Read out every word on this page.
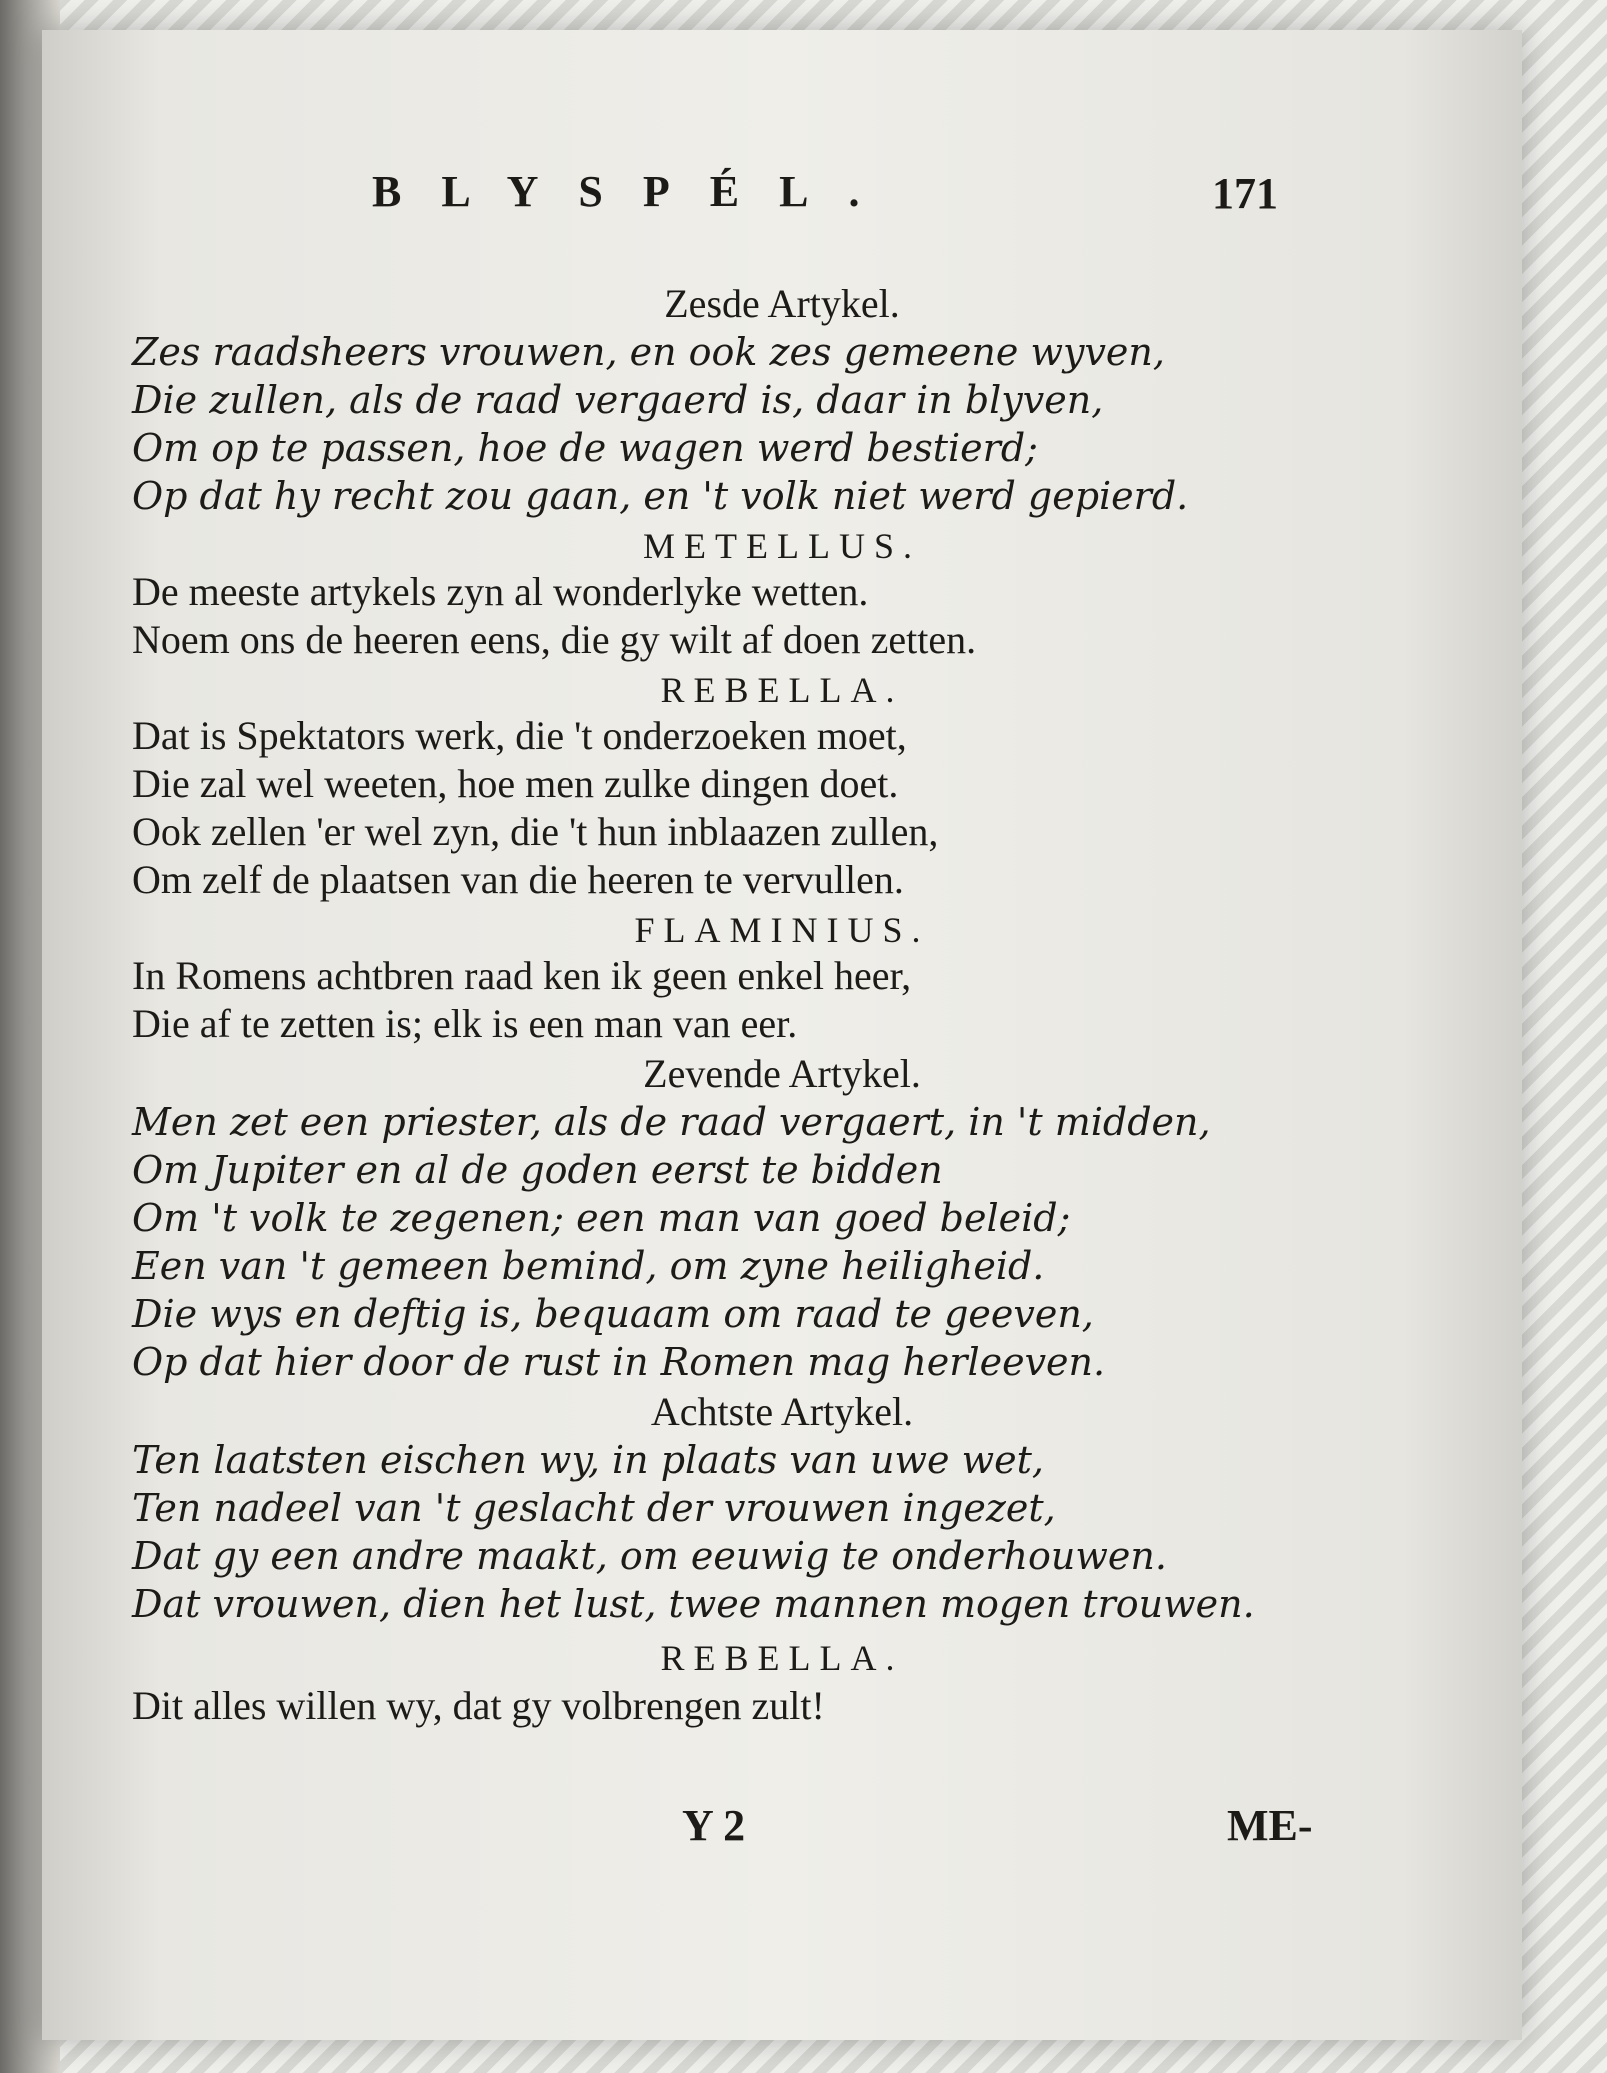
BLYSPÉL.	171
Zesde Artykel.
Zes raadsheers vrouwen, en ook zes gemeene wyven,
Die zullen, als de raad vergaerd is, daar in blyven,
Om op te passen, hoe de wagen werd bestierd;
Op dat hy recht zou gaan, en 't volk niet werd gepierd.
METELLUS.
De meeste artykels zyn al wonderlyke wetten.
Noem ons de heeren eens, die gy wilt af doen zetten.
REBELLA.
Dat is Spektators werk, die 't onderzoeken moet,
Die zal wel weeten, hoe men zulke dingen doet.
Ook zellen 'er wel zyn, die 't hun inblaazen zullen,
Om zelf de plaatsen van die heeren te vervullen.
FLAMINIUS.
In Romens achtbren raad ken ik geen enkel heer,
Die af te zetten is; elk is een man van eer.
Zevende Artykel.
Men zet een priester, als de raad vergaert, in 't midden,
Om Jupiter en al de goden eerst te bidden
Om 't volk te zegenen; een man van goed beleid;
Een van 't gemeen bemind, om zyne heiligheid.
Die wys en deftig is, bequaam om raad te geeven,
Op dat hier door de rust in Romen mag herleeven.
Achtste Artykel.
Ten laatsten eischen wy, in plaats van uwe wet,
Ten nadeel van 't geslacht der vrouwen ingezet,
Dat gy een andre maakt, om eeuwig te onderhouwen.
Dat vrouwen, dien het lust, twee mannen mogen trouwen.
REBELLA.
Dit alles willen wy, dat gy volbrengen zult!
Y 2	ME-
